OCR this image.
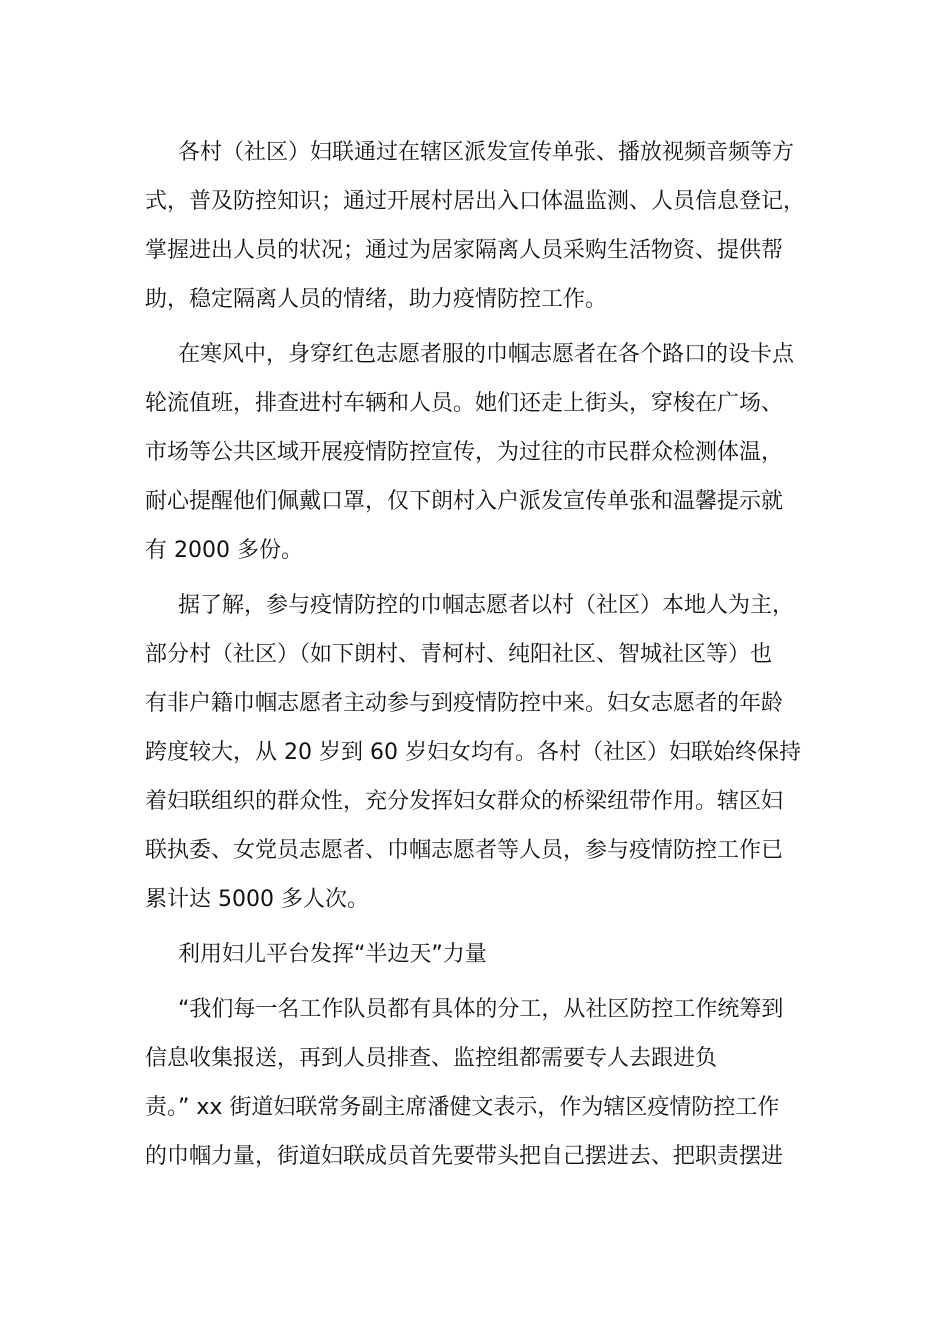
各村（社区）妇联通过在辖区派发宣传单张、播放视频音频等方
式，普及防控知识；通过开展村居出入口体温监测、人员信息登记，
掌握进出人员的状况；通过为居家隔离人员采购生活物资、提供帮
助，稳定隔离人员的情绪，助力疫情防控工作。
在寒风中，身穿红色志愿者服的巾帼志愿者在各个路口的设卡点
轮流值班，排查进村车辆和人员。她们还走上街头，穿梭在广场、
市场等公共区域开展疫情防控宣传，为过往的市民群众检测体温，
耐心提醒他们佩戴口罩，仅下朗村入户派发宣传单张和温馨提示就
有 2000 多份。
据了解，参与疫情防控的巾帼志愿者以村（社区）本地人为主，
部分村（社区）（如下朗村、青柯村、纯阳社区、智城社区等）也
有非户籍巾帼志愿者主动参与到疫情防控中来。妇女志愿者的年龄
跨度较大，从 20 岁到 60 岁妇女均有。各村（社区）妇联始终保持
着妇联组织的群众性，充分发挥妇女群众的桥梁纽带作用。辖区妇
联执委、女党员志愿者、巾帼志愿者等人员，参与疫情防控工作已
累计达 5000 多人次。
利用妇儿平台发挥“半边天”力量
“我们每一名工作队员都有具体的分工，从社区防控工作统筹到
信息收集报送，再到人员排查、监控组都需要专人去跟进负
责。” xx 街道妇联常务副主席潘健文表示，作为辖区疫情防控工作
的巾帼力量，街道妇联成员首先要带头把自己摆进去、把职责摆进
